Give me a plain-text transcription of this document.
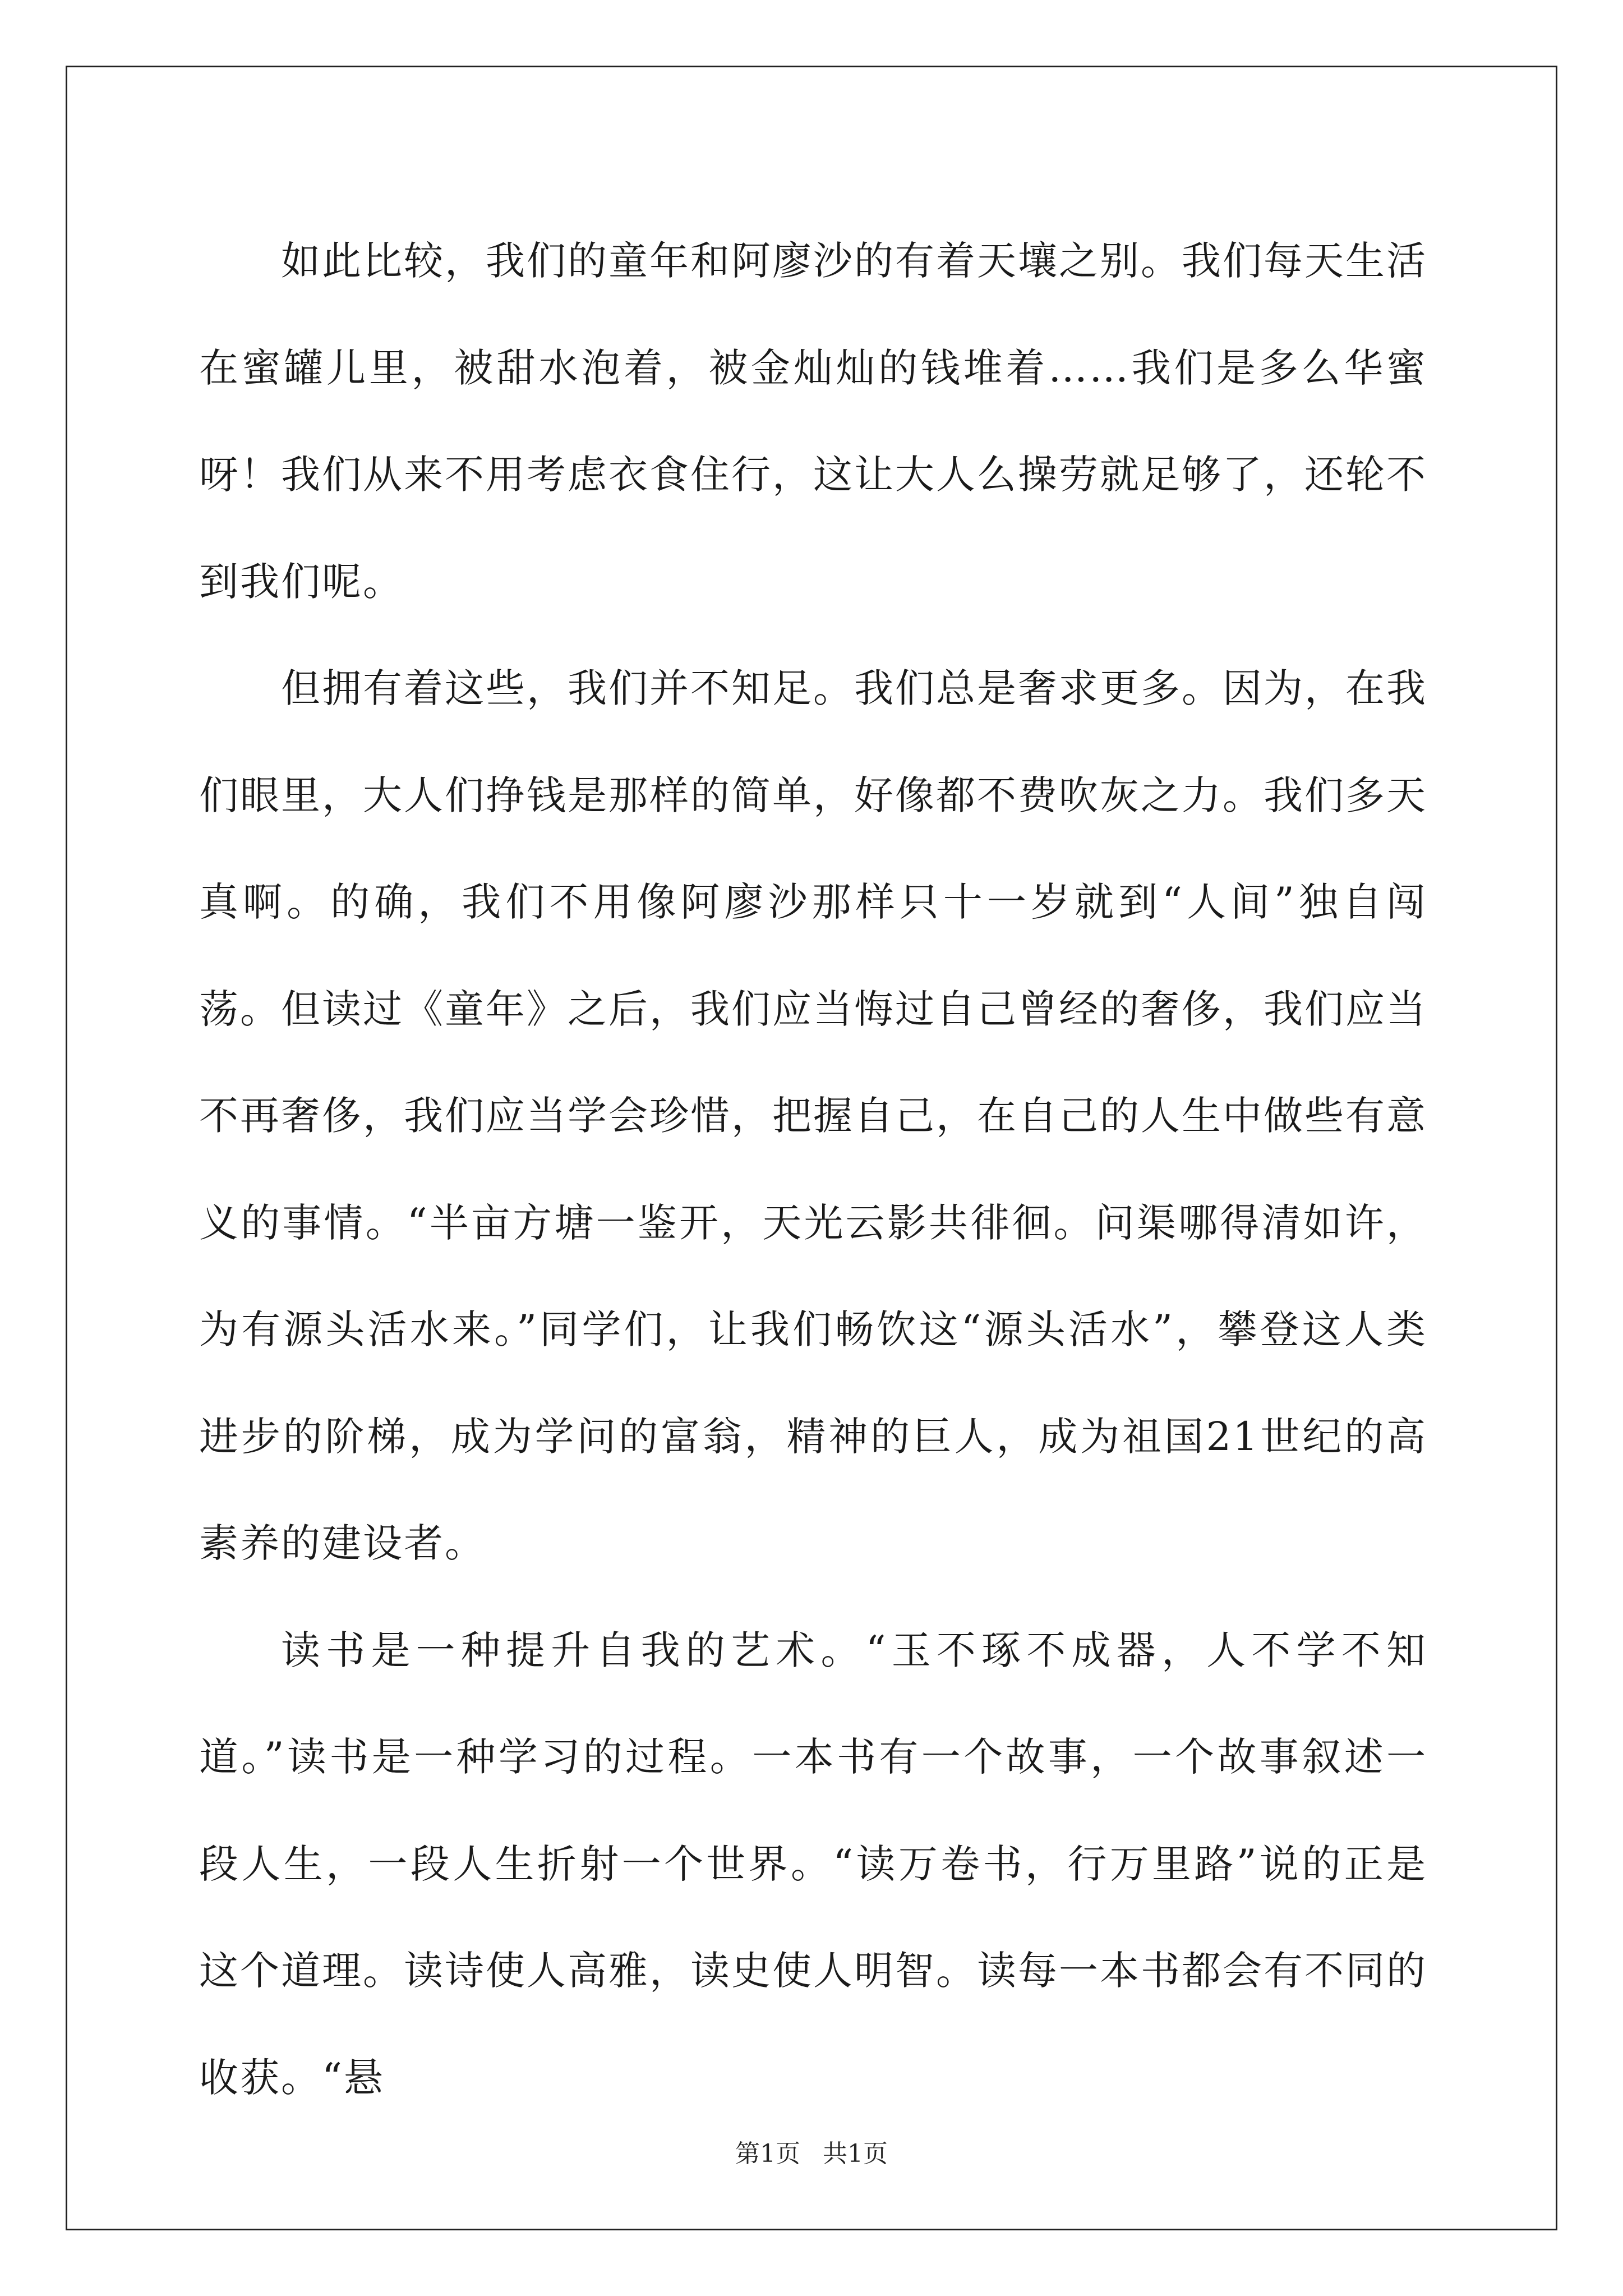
如此比较，我们的童年和阿廖沙的有着天壤之别。我们每天生活在蜜罐儿里，被甜水泡着，被金灿灿的钱堆着……我们是多么华蜜呀！我们从来不用考虑衣食住行，这让大人么操劳就足够了，还轮不到我们呢。

但拥有着这些，我们并不知足。我们总是奢求更多。因为，在我们眼里，大人们挣钱是那样的简单，好像都不费吹灰之力。我们多天真啊。的确，我们不用像阿廖沙那样只十一岁就到“人间”独自闯荡。但读过《童年》之后，我们应当悔过自己曾经的奢侈，我们应当不再奢侈，我们应当学会珍惜，把握自己，在自己的人生中做些有意义的事情。“半亩方塘一鉴开，天光云影共徘徊。问渠哪得清如许，为有源头活水来。”同学们，让我们畅饮这“源头活水”，攀登这人类进步的阶梯，成为学问的富翁，精神的巨人，成为祖国21世纪的高素养的建设者。

读书是一种提升自我的艺术。“玉不琢不成器，人不学不知道。”读书是一种学习的过程。一本书有一个故事，一个故事叙述一段人生，一段人生折射一个世界。“读万卷书，行万里路”说的正是这个道理。读诗使人高雅，读史使人明智。读每一本书都会有不同的收获。“悬

第1页 共1页
